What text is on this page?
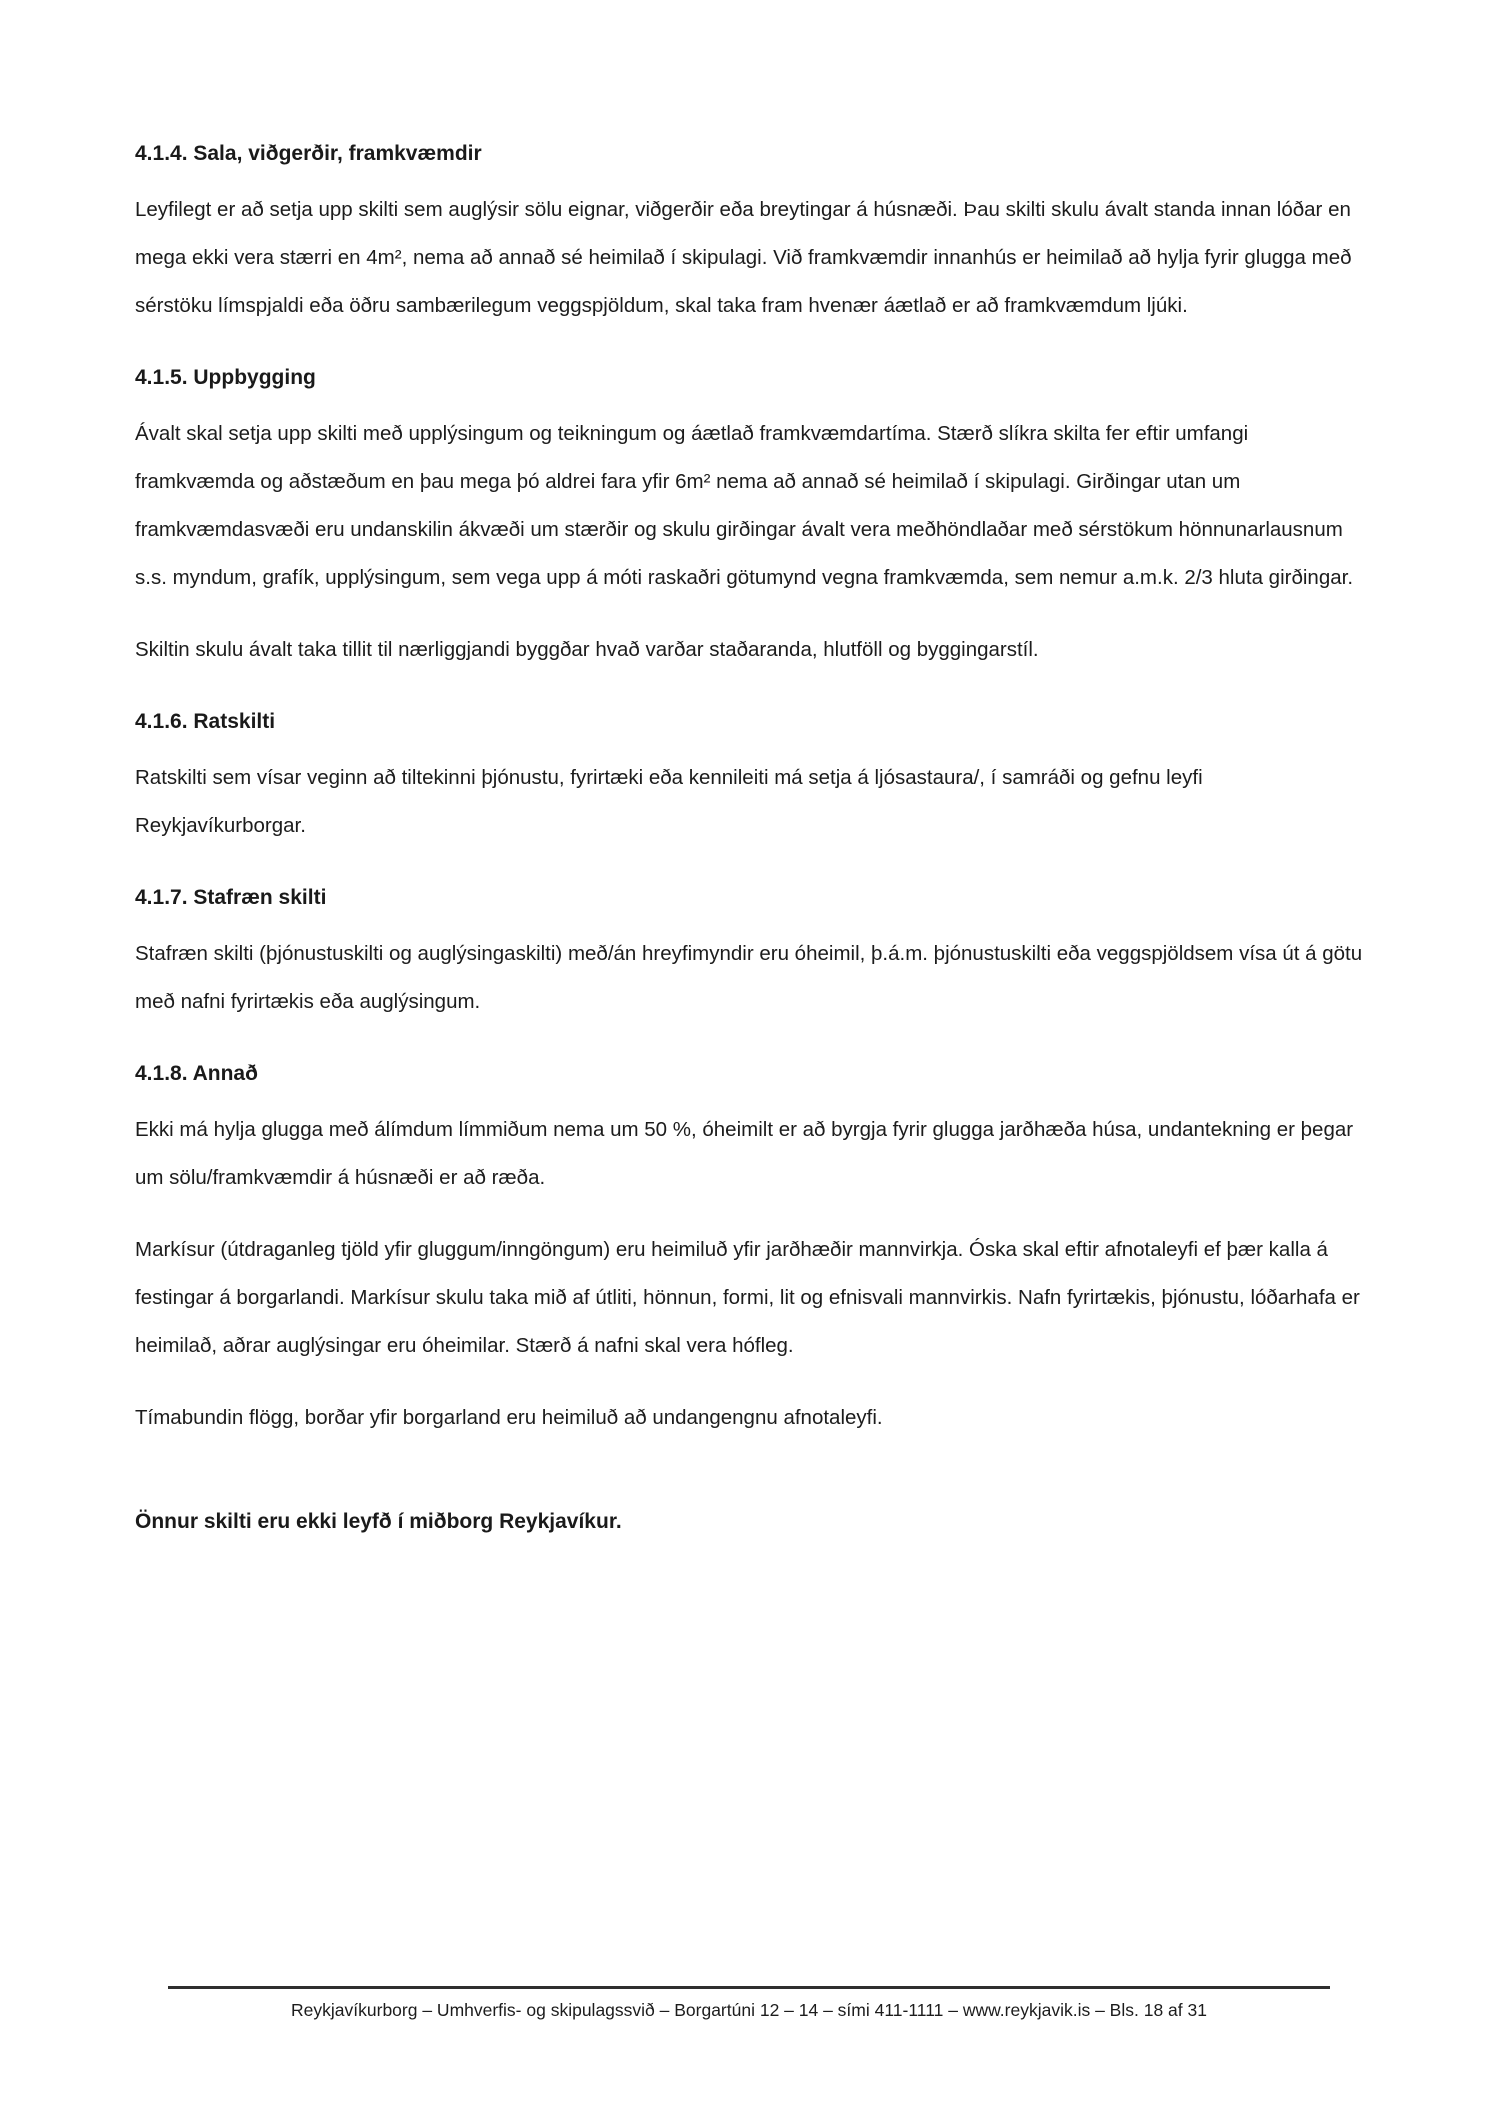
4.1.4. Sala, viðgerðir, framkvæmdir

Leyfilegt er að setja upp skilti sem auglýsir sölu eignar, viðgerðir eða breytingar á húsnæði. Þau skilti skulu ávalt standa innan lóðar en mega ekki vera stærri en 4m², nema að annað sé heimilað í skipulagi. Við framkvæmdir innanhús er heimilað að hylja fyrir glugga með sérstöku límspjaldi eða öðru sambærilegum veggspjöldum, skal taka fram hvenær áætlað er að framkvæmdum ljúki.

4.1.5. Uppbygging

Ávalt skal setja upp skilti með upplýsingum og teikningum og áætlað framkvæmdartíma. Stærð slíkra skilta fer eftir umfangi framkvæmda og aðstæðum en þau mega þó aldrei fara yfir 6m² nema að annað sé heimilað í skipulagi. Girðingar utan um framkvæmdasvæði eru undanskilin ákvæði um stærðir og skulu girðingar ávalt vera meðhöndlaðar með sérstökum hönnunarlausnum s.s. myndum, grafík, upplýsingum, sem vega upp á móti raskaðri götumynd vegna framkvæmda, sem nemur a.m.k. 2/3 hluta girðingar.

Skiltin skulu ávalt taka tillit til nærliggjandi byggðar hvað varðar staðaranda, hlutföll og byggingarstíl.

4.1.6. Ratskilti

Ratskilti sem vísar veginn að tiltekinni þjónustu, fyrirtæki eða kennileiti má setja á ljósastaura/, í samráði og gefnu leyfi Reykjavíkurborgar.

4.1.7. Stafræn skilti

Stafræn skilti (þjónustuskilti og auglýsingaskilti) með/án hreyfimyndir eru óheimil, þ.á.m. þjónustuskilti eða veggspjöldsem vísa út á götu með nafni fyrirtækis eða auglýsingum.

4.1.8. Annað

Ekki má hylja glugga með álímdum límmiðum nema um 50 %, óheimilt er að byrgja fyrir glugga jarðhæða húsa, undantekning er þegar um sölu/framkvæmdir á húsnæði er að ræða.

Markísur (útdraganleg tjöld yfir gluggum/inngöngum) eru heimiluð yfir jarðhæðir mannvirkja. Óska skal eftir afnotaleyfi ef þær kalla á festingar á borgarlandi. Markísur skulu taka mið af útliti, hönnun, formi, lit og efnisvali mannvirkis. Nafn fyrirtækis, þjónustu, lóðarhafa er heimilað, aðrar auglýsingar eru óheimilar. Stærð á nafni skal vera hófleg.

Tímabundin flögg, borðar yfir borgarland eru heimiluð að undangengnu afnotaleyfi.

Önnur skilti eru ekki leyfð í miðborg Reykjavíkur.

Reykjavíkurborg – Umhverfis- og skipulagssvið – Borgartúni 12 – 14 – sími 411-1111 – www.reykjavik.is – Bls. 18 af 31
